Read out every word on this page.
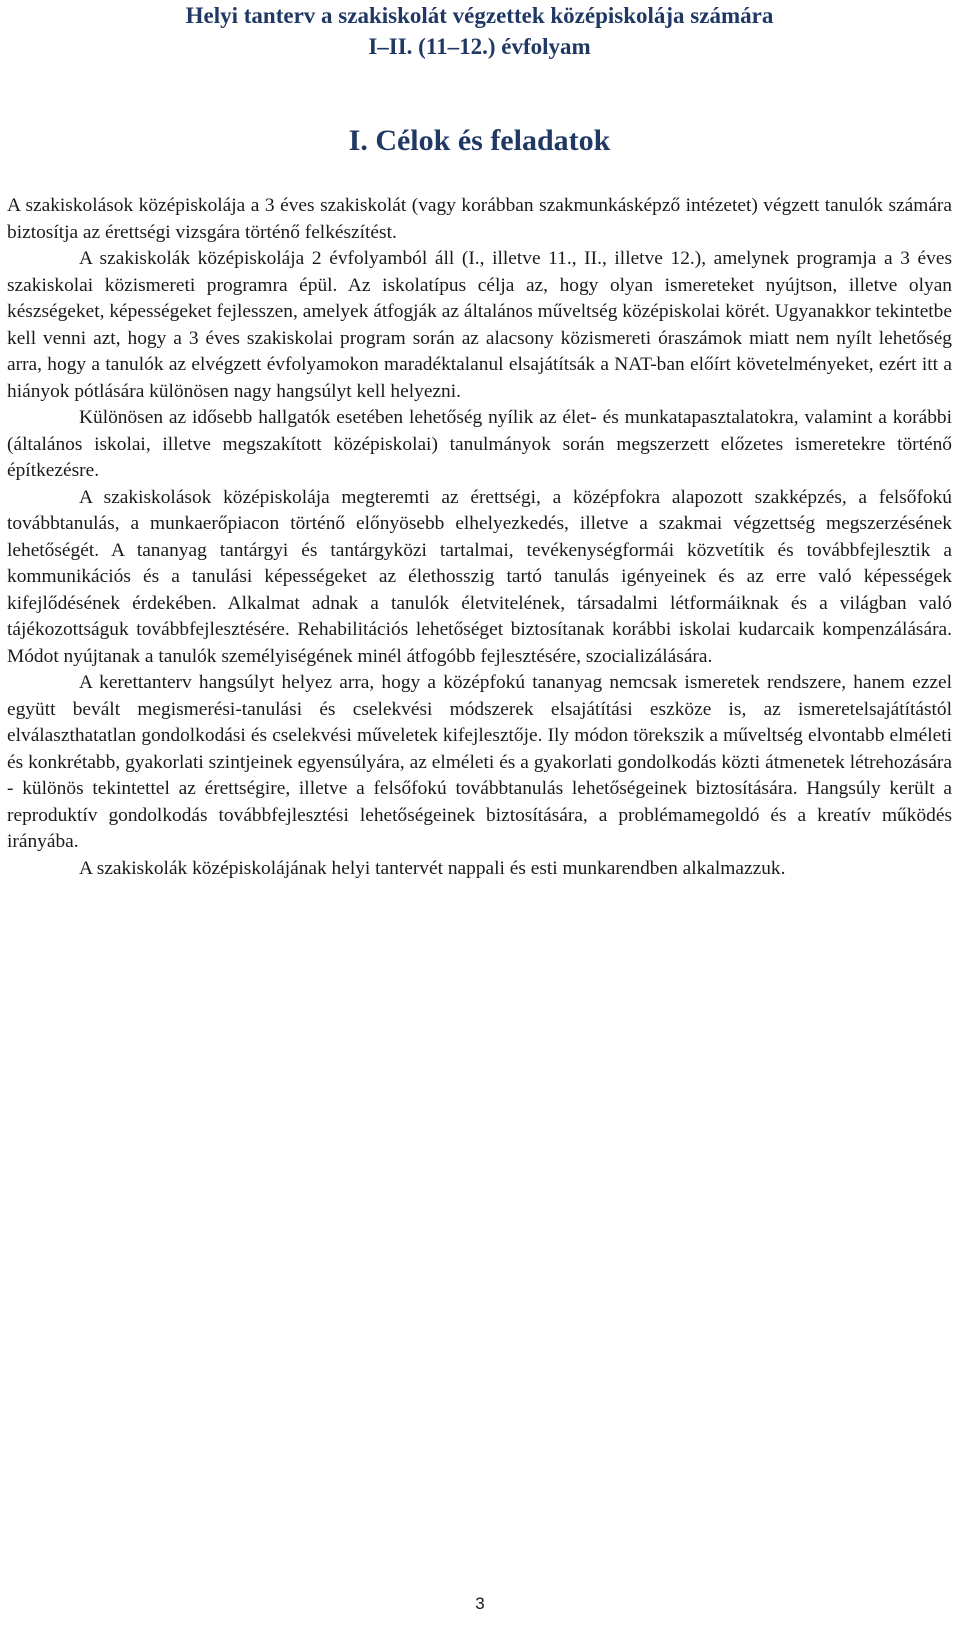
Helyi tanterv a szakiskolát végzettek középiskolája számára
I–II. (11–12.) évfolyam
I. Célok és feladatok

A szakiskolások középiskolája a 3 éves szakiskolát (vagy korábban szakmunkásképző intézetet) végzett tanulók számára biztosítja az érettségi vizsgára történő felkészítést.

A szakiskolák középiskolája 2 évfolyamból áll (I., illetve 11., II., illetve 12.), amelynek programja a 3 éves szakiskolai közismereti programra épül. Az iskolatípus célja az, hogy olyan ismereteket nyújtson, illetve olyan készségeket, képességeket fejlesszen, amelyek átfogják az általános műveltség középiskolai körét. Ugyanakkor tekintetbe kell venni azt, hogy a 3 éves szakiskolai program során az alacsony közismereti óraszámok miatt nem nyílt lehetőség arra, hogy a tanulók az elvégzett évfolyamokon maradéktalanul elsajátítsák a NAT-ban előírt követelményeket, ezért itt a hiányok pótlására különösen nagy hangsúlyt kell helyezni.

Különösen az idősebb hallgatók esetében lehetőség nyílik az élet- és munkatapasztalatokra, valamint a korábbi (általános iskolai, illetve megszakított középiskolai) tanulmányok során megszerzett előzetes ismeretekre történő építkezésre.

A szakiskolások középiskolája megteremti az érettségi, a középfokra alapozott szakképzés, a felsőfokú továbbtanulás, a munkaerőpiacon történő előnyösebb elhelyezkedés, illetve a szakmai végzettség megszerzésének lehetőségét. A tananyag tantárgyi és tantárgyközi tartalmai, tevékenységformái közvetítik és továbbfejlesztik a kommunikációs és a tanulási képességeket az élethosszig tartó tanulás igényeinek és az erre való képességek kifejlődésének érdekében. Alkalmat adnak a tanulók életvitelének, társadalmi létformáiknak és a világban való tájékozottságuk továbbfejlesztésére. Rehabilitációs lehetőséget biztosítanak korábbi iskolai kudarcaik kompenzálására. Módot nyújtanak a tanulók személyiségének minél átfogóbb fejlesztésére, szocializálására.

A kerettanterv hangsúlyt helyez arra, hogy a középfokú tananyag nemcsak ismeretek rendszere, hanem ezzel együtt bevált megismerési-tanulási és cselekvési módszerek elsajátítási eszköze is, az ismeretelsajátítástól elválaszthatatlan gondolkodási és cselekvési műveletek kifejlesztője. Ily módon törekszik a műveltség elvontabb elméleti és konkrétabb, gyakorlati szintjeinek egyensúlyára, az elméleti és a gyakorlati gondolkodás közti átmenetek létrehozására - különös tekintettel az érettségire, illetve a felsőfokú továbbtanulás lehetőségeinek biztosítására. Hangsúly került a reproduktív gondolkodás továbbfejlesztési lehetőségeinek biztosítására, a problémamegoldó és a kreatív működés irányába.

A szakiskolák középiskolájának helyi tantervét nappali és esti munkarendben alkalmazzuk.

3
